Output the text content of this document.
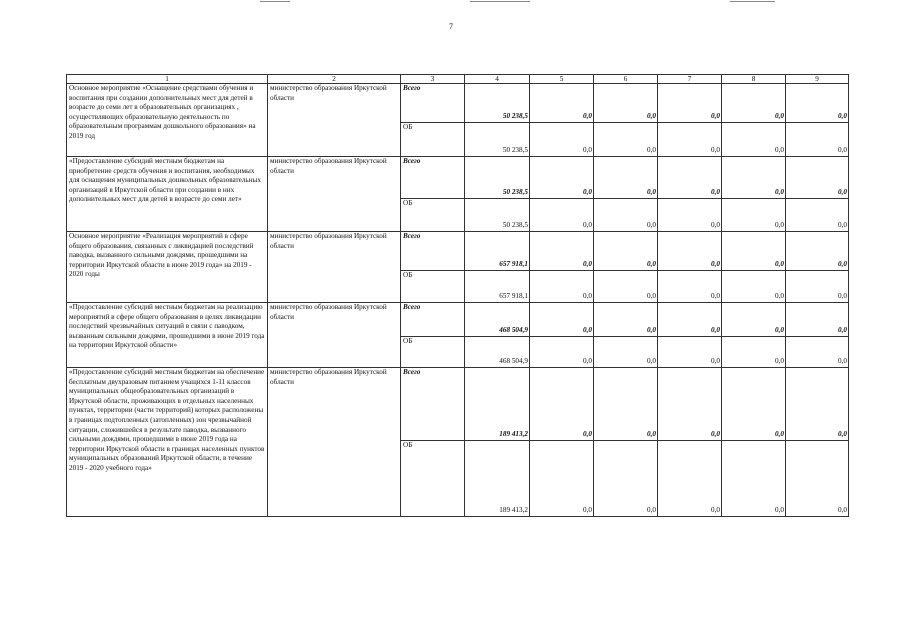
7
1	2	3	4	5	6	7	8	9
Основное мероприятие «Оснащение средствами обучения и воспитания при создании дополнительных мест для детей в возрасте до семи лет в образовательных организациях , осуществляющих образовательную деятельность по образовательным программам дошкольного образования» на 2019 год	министерство образования Иркутской области	Всего	50 238,5	0,0	0,0	0,0	0,0	0,0
		ОБ	50 238,5	0,0	0,0	0,0	0,0	0,0
«Предоставление субсидий местным бюджетам на приобретение средств обучения и воспитания, необходимых для оснащения муниципальных дошкольных образовательных организаций в Иркутской области при создании в них дополнительных мест для детей в возрасте до семи лет»	министерство образования Иркутской области	Всего	50 238,5	0,0	0,0	0,0	0,0	0,0
		ОБ	50 238,5	0,0	0,0	0,0	0,0	0,0
Основное мероприятие «Реализация мероприятий в сфере общего образования, связанных с ликвидацией последствий паводка, вызванного сильными дождями, прошедшими на территории Иркутской области в июне 2019 года» на 2019 - 2020 годы	министерство образования Иркутской области	Всего	657 918,1	0,0	0,0	0,0	0,0	0,0
		ОБ	657 918,1	0,0	0,0	0,0	0,0	0,0
«Предоставление субсидий местным бюджетам на реализацию мероприятий в сфере общего образования в целях ликвидации последствий чрезвычайных ситуаций в связи с паводком, вызванным сильными дождями, прошедшими в июне 2019 года на территории Иркутской области»	министерство образования Иркутской области	Всего	468 504,9	0,0	0,0	0,0	0,0	0,0
		ОБ	468 504,9	0,0	0,0	0,0	0,0	0,0
«Предоставление субсидий местным бюджетам на обеспечение бесплатным двухразовым питанием учащихся 1-11 классов муниципальных общеобразовательных организаций в Иркутской области, проживающих в отдельных населенных пунктах, территории (части территорий) которых расположены в границах подтопленных (затопленных) зон чрезвычайной ситуации, сложившейся в результате паводка, вызванного сильными дождями, прошедшими в июне 2019 года на территории Иркутской области в границах населенных пунктов муниципальных образований Иркутской области, в течение 2019 - 2020 учебного года»	министерство образования Иркутской области	Всего	189 413,2	0,0	0,0	0,0	0,0	0,0
		ОБ	189 413,2	0,0	0,0	0,0	0,0	0,0
